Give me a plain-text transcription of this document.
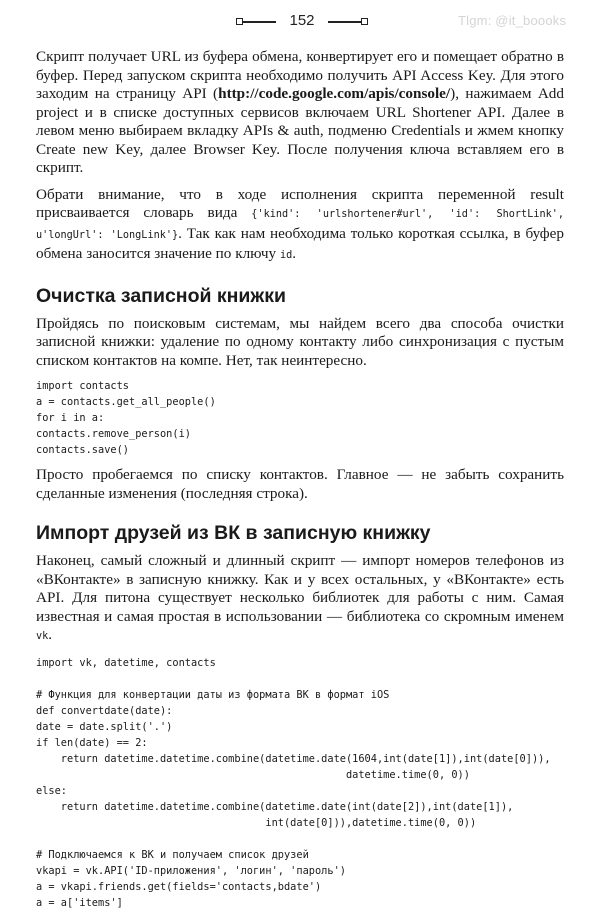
152	Tlgm: @it_boooks

Скрипт получает URL из буфера обмена, конвертирует его и помещает обратно в буфер. Перед запуском скрипта необходимо получить API Access Key. Для этого заходим на страницу API (http://code.google.com/apis/console/), нажимаем Add project и в списке доступных сервисов включаем URL Shortener API. Далее в левом меню выбираем вкладку APIs & auth, подменю Credentials и жмем кнопку Create new Key, далее Browser Key. После получения ключа вставляем его в скрипт.

Обрати внимание, что в ходе исполнения скрипта переменной result присваивается словарь вида {'kind': 'urlshortener#url', 'id': ShortLink', u'longUrl': 'LongLink'}. Так как нам необходима только короткая ссылка, в буфер обмена заносится значение по ключу id.

Очистка записной книжки

Пройдясь по поисковым системам, мы найдем всего два способа очистки записной книжки: удаление по одному контакту либо синхронизация с пустым списком контактов на компе. Нет, так неинтересно.

import contacts
a = contacts.get_all_people()
for i in a:
contacts.remove_person(i)
contacts.save()

Просто пробегаемся по списку контактов. Главное — не забыть сохранить сделанные изменения (последняя строка).

Импорт друзей из ВК в записную книжку

Наконец, самый сложный и длинный скрипт — импорт номеров телефонов из «ВКонтакте» в записную книжку. Как и у всех остальных, у «ВКонтакте» есть API. Для питона существует несколько библиотек для работы с ним. Самая известная и самая простая в использовании — библиотека со скромным именем vk.

import vk, datetime, contacts
# Функция для конвертации даты из формата ВК в формат iOS
def convertdate(date):
date = date.split('.')
if len(date) == 2:
return datetime.datetime.combine(datetime.date(1604,int(date[1]),int(date[0])),
datetime.time(0, 0))
else:
return datetime.datetime.combine(datetime.date(int(date[2]),int(date[1]),
int(date[0])),datetime.time(0, 0))
# Подключаемся к ВК и получаем список друзей
vkapi = vk.API('ID-приложения', 'логин', 'пароль')
a = vkapi.friends.get(fields='contacts,bdate')
a = a['items']
